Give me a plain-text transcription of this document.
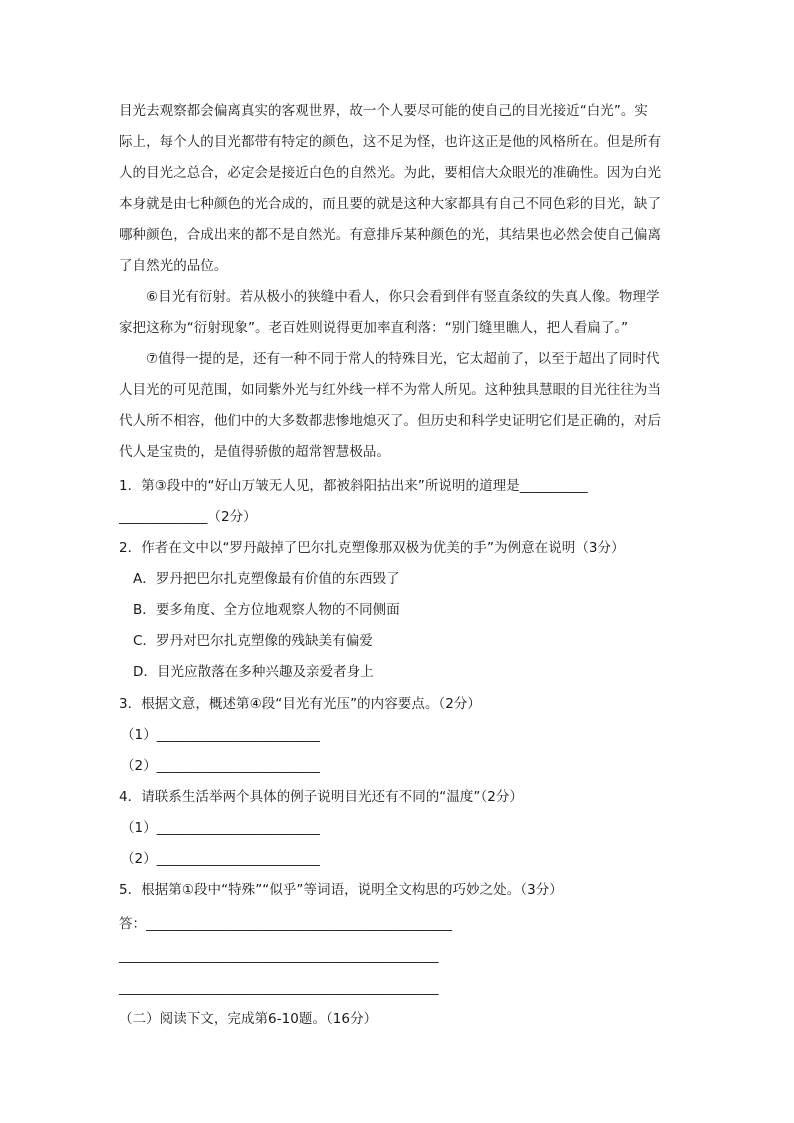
目光去观察都会偏离真实的客观世界，故一个人要尽可能的使自己的目光接近“白光”。实
际上，每个人的目光都带有特定的颜色，这不足为怪，也许这正是他的风格所在。但是所有
人的目光之总合，必定会是接近白色的自然光。为此，要相信大众眼光的准确性。因为白光
本身就是由七种颜色的光合成的，而且要的就是这种大家都具有自己不同色彩的目光，缺了
哪种颜色，合成出来的都不是自然光。有意排斥某种颜色的光，其结果也必然会使自己偏离
了自然光的品位。
⑥目光有衍射。若从极小的狭缝中看人，你只会看到伴有竖直条纹的失真人像。物理学
家把这称为“衍射现象”。老百姓则说得更加率直利落：“别门缝里瞧人，把人看扁了。”
⑦值得一提的是，还有一种不同于常人的特殊目光，它太超前了，以至于超出了同时代
人目光的可见范围，如同紫外光与红外线一样不为常人所见。这种独具慧眼的目光往往为当
代人所不相容，他们中的大多数都悲惨地熄灭了。但历史和科学史证明它们是正确的，对后
代人是宝贵的，是值得骄傲的超常智慧极品。
1．第③段中的“好山万皱无人见，都被斜阳拈出来”所说明的道理是__________
_____________（2分）
2．作者在文中以“罗丹敲掉了巴尔扎克塑像那双极为优美的手”为例意在说明（3分）
A．罗丹把巴尔扎克塑像最有价值的东西毁了
B．要多角度、全方位地观察人物的不同侧面
C．罗丹对巴尔扎克塑像的残缺美有偏爱
D．目光应散落在多种兴趣及亲爱者身上
3．根据文意，概述第④段“目光有光压”的内容要点。（2分）
（1）________________________
（2）________________________
4．请联系生活举两个具体的例子说明目光还有不同的“温度”（2分）
（1）________________________
（2）________________________
5．根据第①段中“特殊”“似乎”等词语，说明全文构思的巧妙之处。（3分）
答：_____________________________________________
_______________________________________________
_______________________________________________
（二）阅读下文，完成第6-10题。（16分）
